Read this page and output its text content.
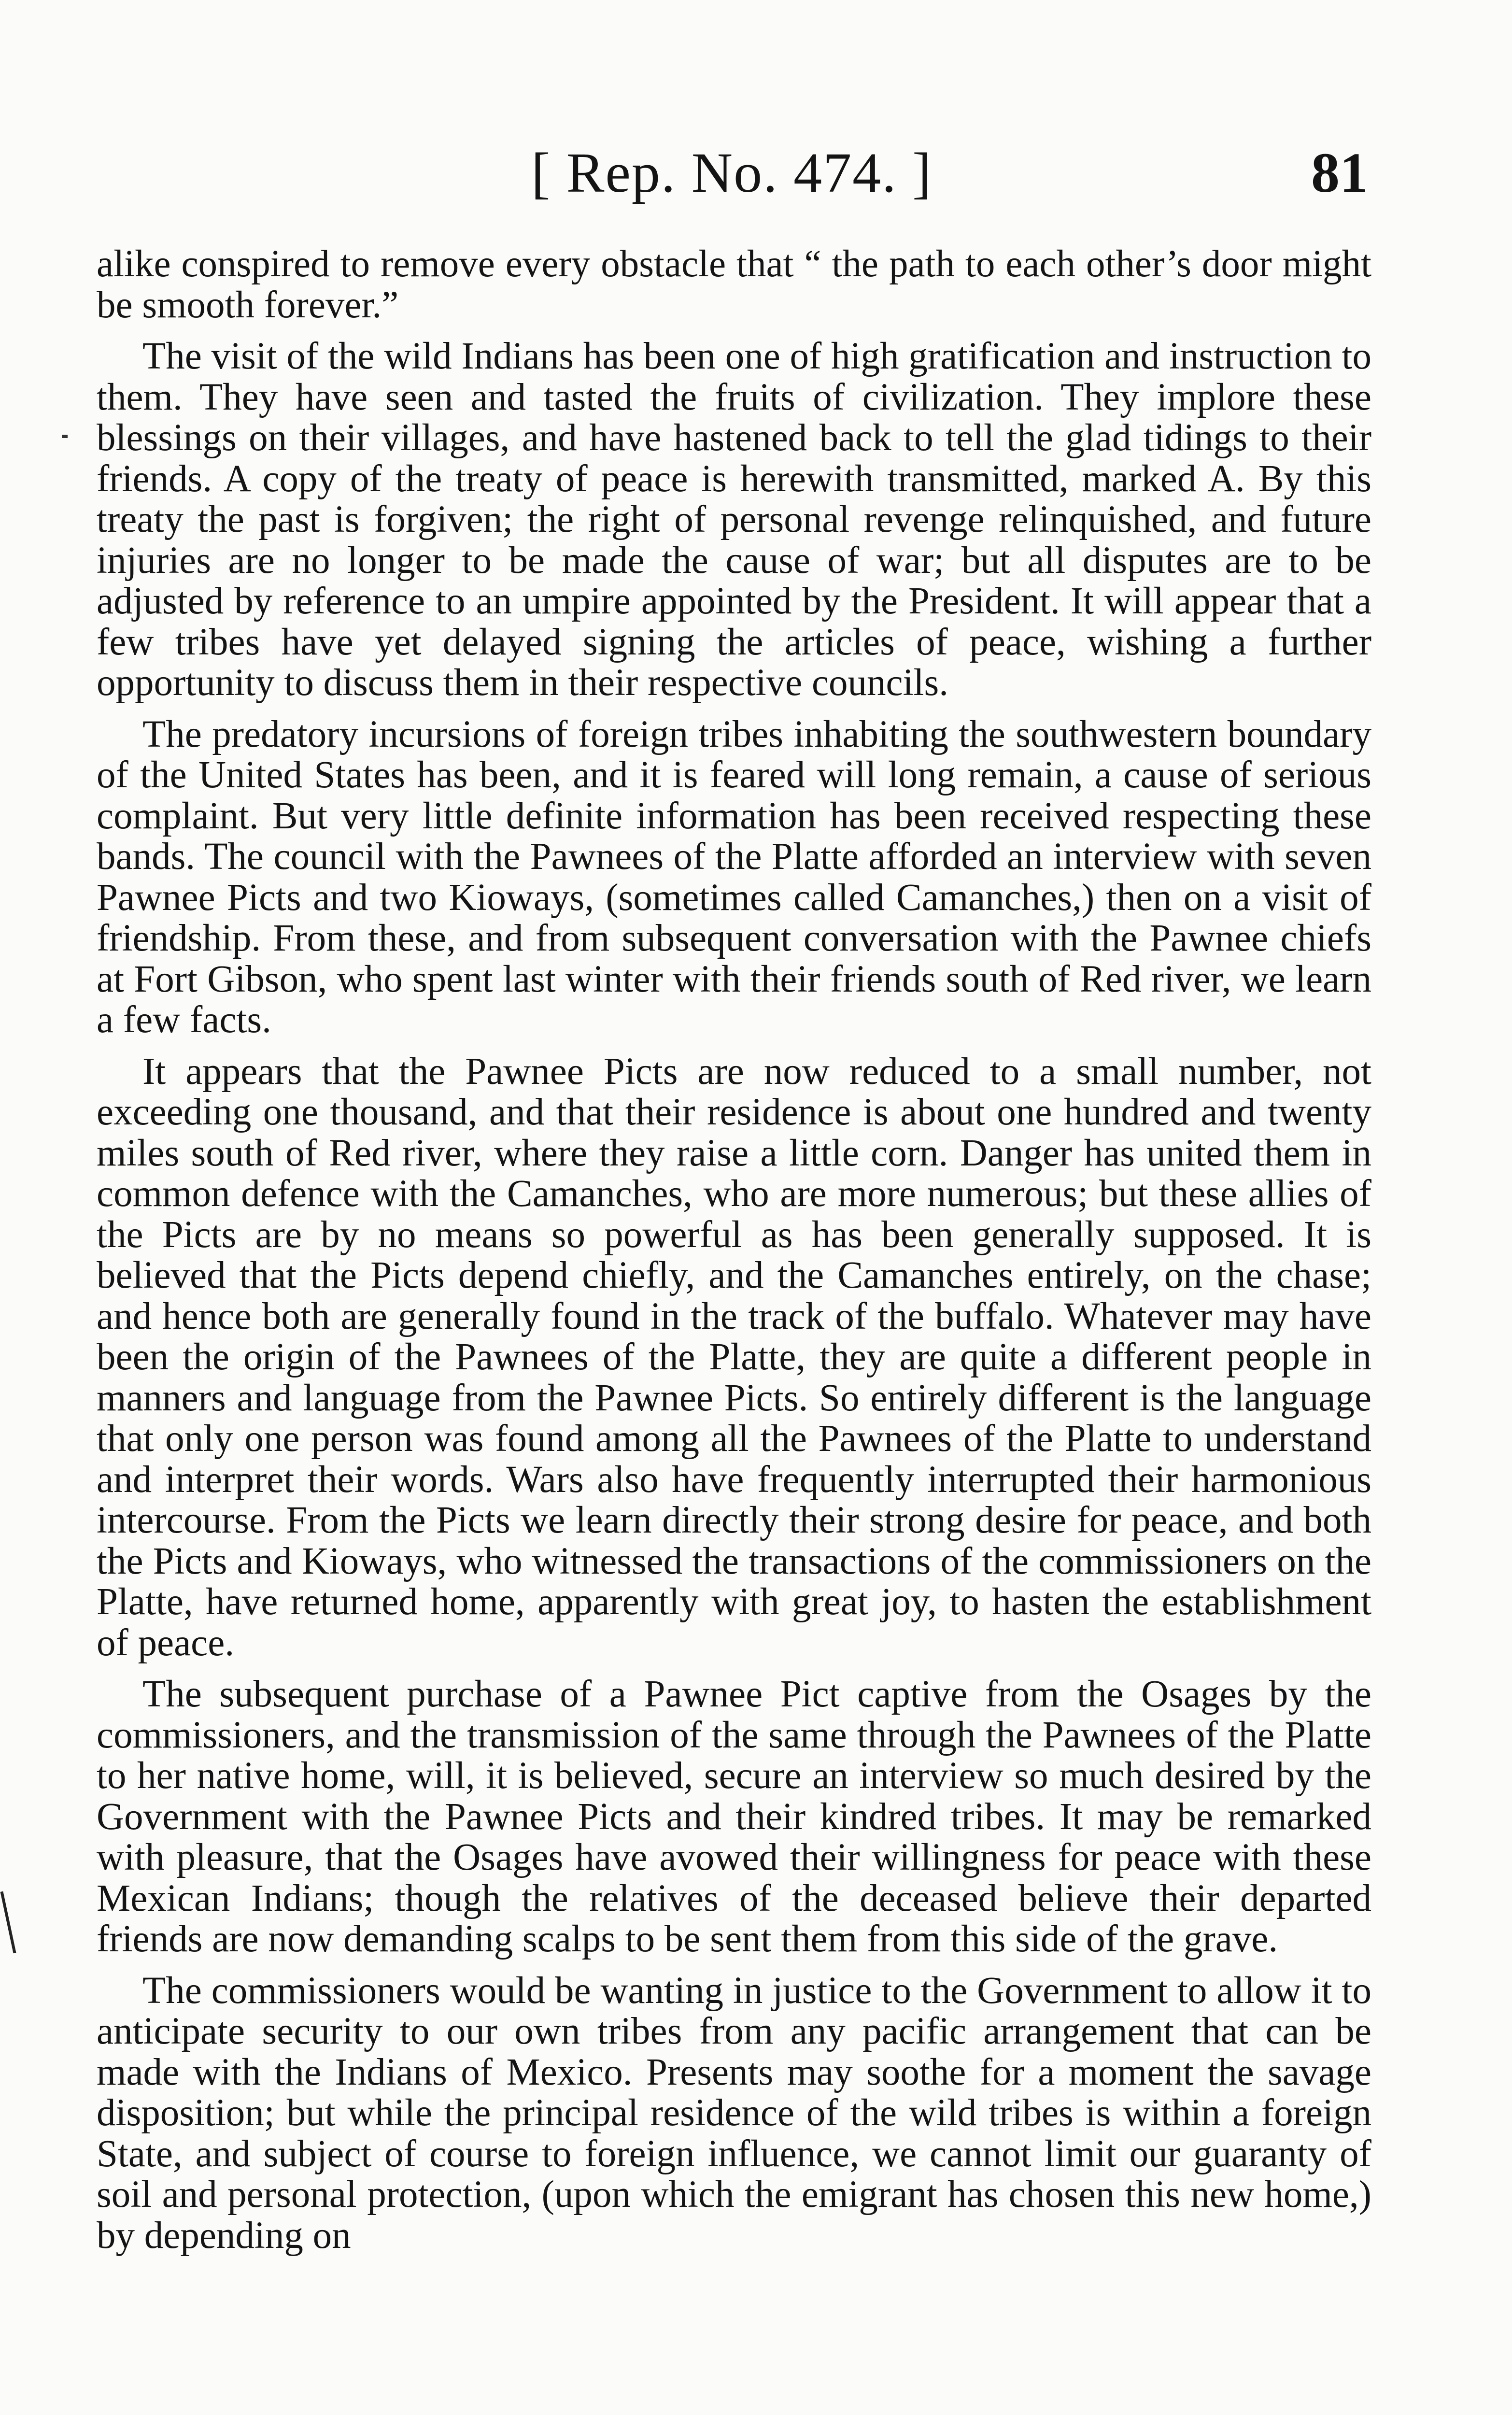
[ Rep. No. 474. ]	81

alike conspired to remove every obstacle that “ the path to each other’s door might be smooth forever.”

The visit of the wild Indians has been one of high gratification and instruction to them. They have seen and tasted the fruits of civilization. They implore these blessings on their villages, and have hastened back to tell the glad tidings to their friends. A copy of the treaty of peace is herewith transmitted, marked A. By this treaty the past is forgiven; the right of personal revenge relinquished, and future injuries are no longer to be made the cause of war; but all disputes are to be adjusted by reference to an umpire appointed by the President. It will appear that a few tribes have yet delayed signing the articles of peace, wishing a further opportunity to discuss them in their respective councils.

The predatory incursions of foreign tribes inhabiting the southwestern boundary of the United States has been, and it is feared will long remain, a cause of serious complaint. But very little definite information has been received respecting these bands. The council with the Pawnees of the Platte afforded an interview with seven Pawnee Picts and two Kioways, (sometimes called Camanches,) then on a visit of friendship. From these, and from subsequent conversation with the Pawnee chiefs at Fort Gibson, who spent last winter with their friends south of Red river, we learn a few facts.

It appears that the Pawnee Picts are now reduced to a small number, not exceeding one thousand, and that their residence is about one hundred and twenty miles south of Red river, where they raise a little corn. Danger has united them in common defence with the Camanches, who are more numerous; but these allies of the Picts are by no means so powerful as has been generally supposed. It is believed that the Picts depend chiefly, and the Camanches entirely, on the chase; and hence both are generally found in the track of the buffalo. Whatever may have been the origin of the Pawnees of the Platte, they are quite a different people in manners and language from the Pawnee Picts. So entirely different is the language that only one person was found among all the Pawnees of the Platte to understand and interpret their words. Wars also have frequently interrupted their harmonious intercourse. From the Picts we learn directly their strong desire for peace, and both the Picts and Kioways, who witnessed the transactions of the commissioners on the Platte, have returned home, apparently with great joy, to hasten the establishment of peace.

The subsequent purchase of a Pawnee Pict captive from the Osages by the commissioners, and the transmission of the same through the Pawnees of the Platte to her native home, will, it is believed, secure an interview so much desired by the Government with the Pawnee Picts and their kindred tribes. It may be remarked with pleasure, that the Osages have avowed their willingness for peace with these Mexican Indians; though the relatives of the deceased believe their departed friends are now demanding scalps to be sent them from this side of the grave.

The commissioners would be wanting in justice to the Government to allow it to anticipate security to our own tribes from any pacific arrangement that can be made with the Indians of Mexico. Presents may soothe for a moment the savage disposition; but while the principal residence of the wild tribes is within a foreign State, and subject of course to foreign influence, we cannot limit our guaranty of soil and personal protection, (upon which the emigrant has chosen this new home,) by depending on
